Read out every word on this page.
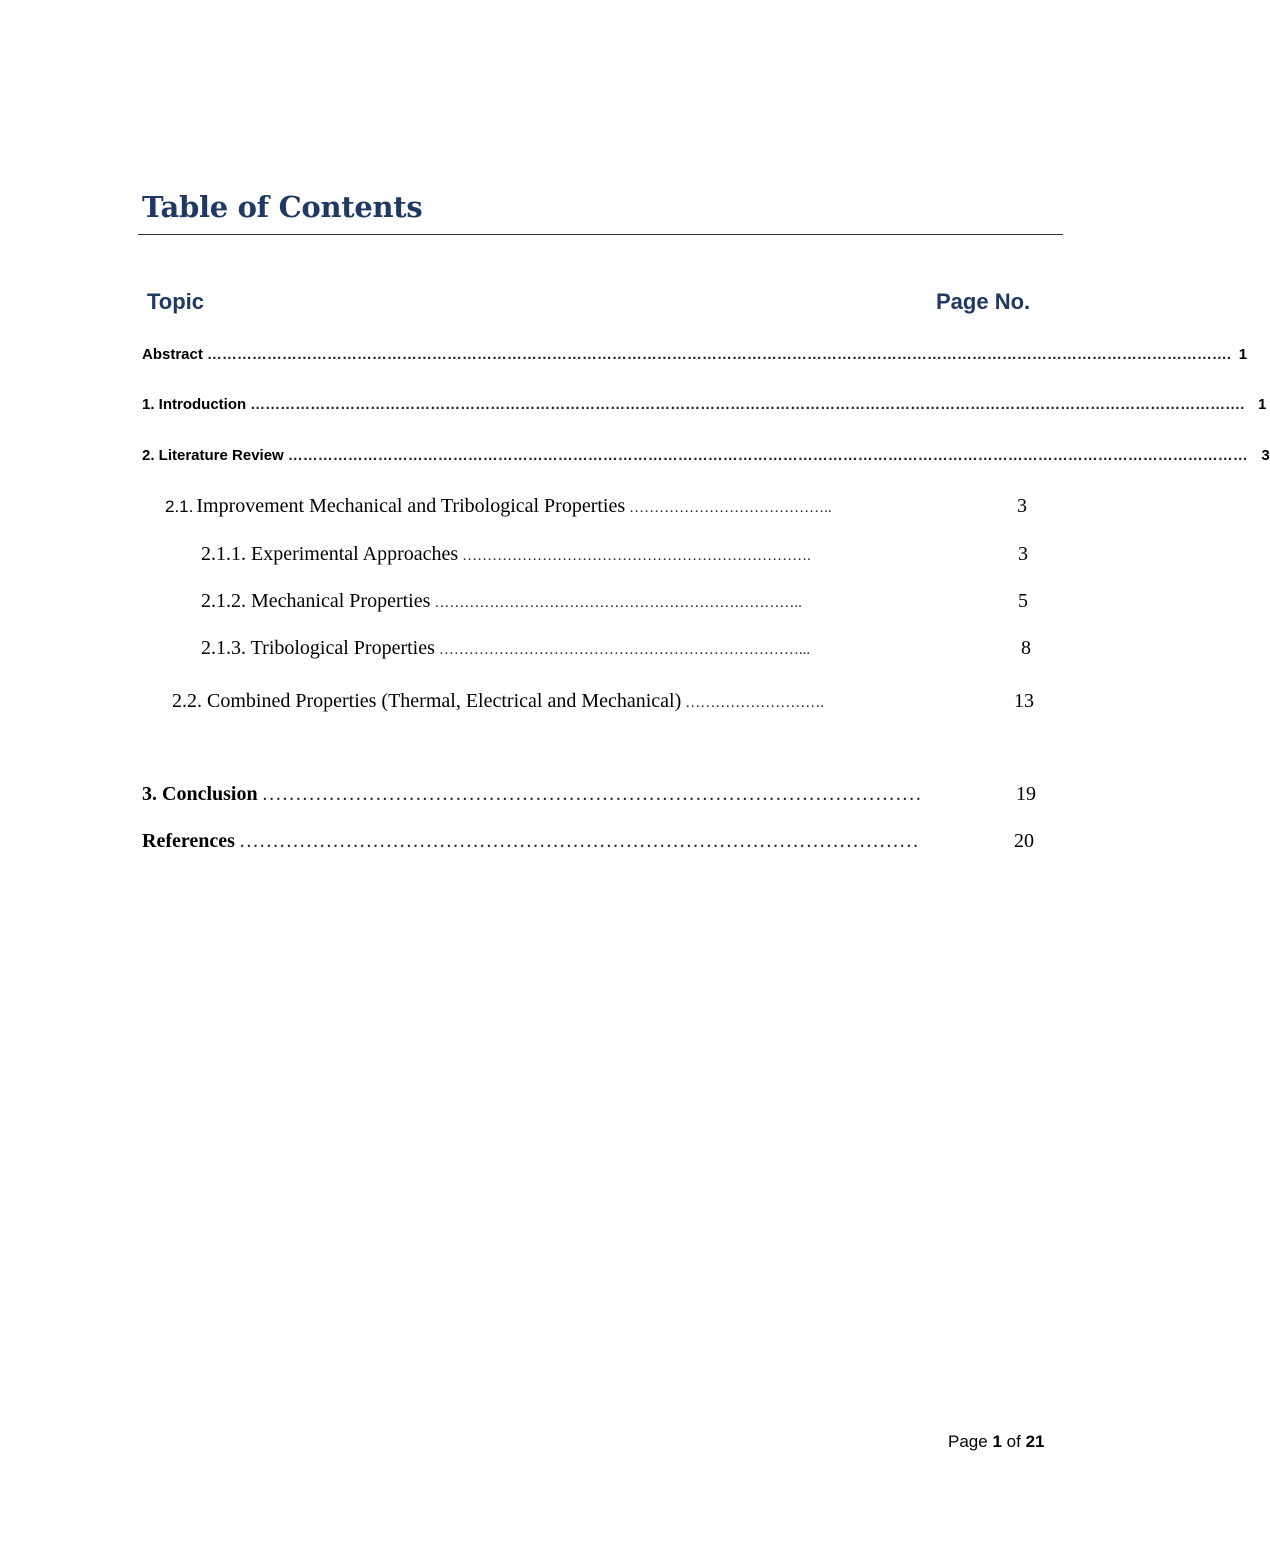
Table of Contents
Topic	Page No.
Abstract ……………………………………………………………………………………………………………………………………………………………………………………. 1
1. Introduction ………………………………………………………………………………………………………………………………………………………………………………. 1
2. Literature Review ………………………………………………………………………………………………………………………………………………………………………… 3
2.1. Improvement Mechanical and Tribological Properties …………………………………..	3
2.1.1. Experimental Approaches …………………………………………………………….	3
2.1.2. Mechanical Properties ………………………………………………………………..	5
2.1.3. Tribological Properties ………………………………………………………………...	8
2.2. Combined Properties (Thermal, Electrical and Mechanical) ……………………….	13
3. Conclusion ………………………………………………………………………………………	19
References …………………………………………………………………………………………	20
Page 1 of 21
